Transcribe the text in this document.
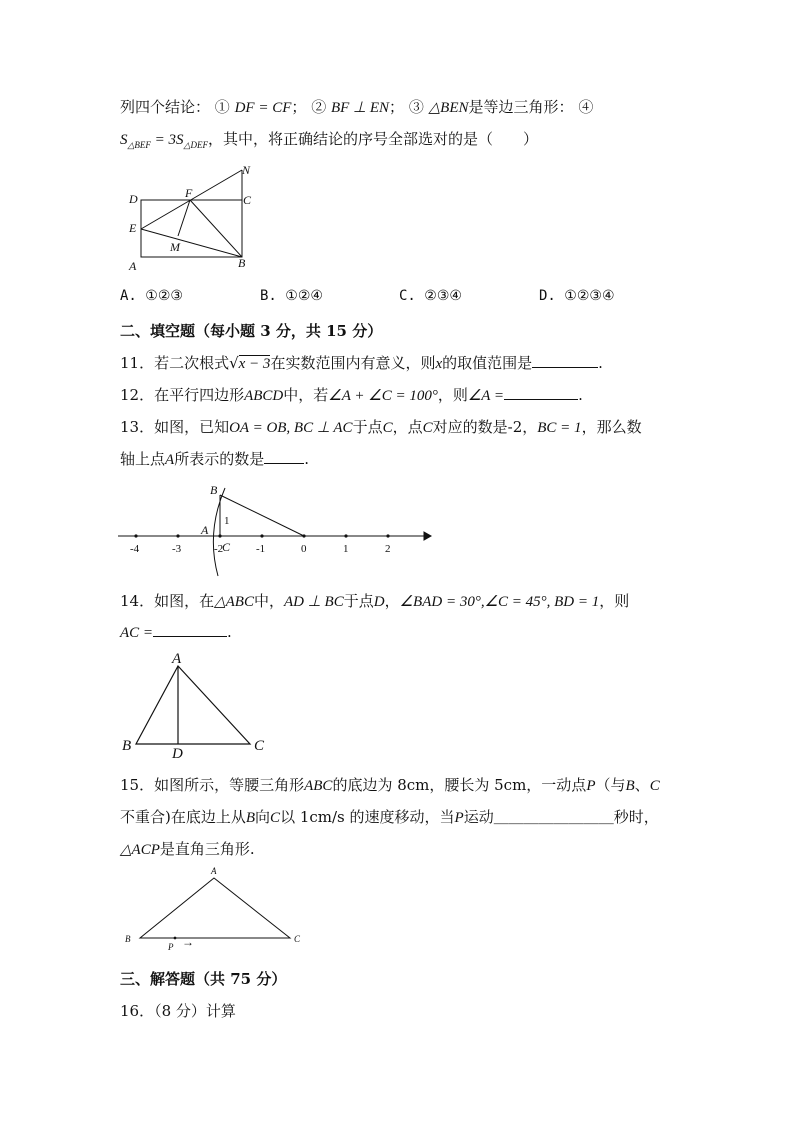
列四个结论： ① DF = CF； ② BF ⊥ EN； ③ △BEN是等边三角形： ④
$S_{\triangle BEF} = 3S_{\triangle DEF}$，其中，将正确结论的序号全部选对的是（　　）
D	F
N
C
E
M
A	B
A. ①②③	B. ①②④	C. ②③④	D. ①②③④
二、填空题（每小题 3 分，共 15 分）
11．若二次根式√x − 3在实数范围内有意义，则x的取值范围是	.
12．在平行四边形ABCD中，若∠A + ∠C = 100°，则∠A =	.
13．如图，已知OA = OB, BC ⊥ AC于点C，点C对应的数是-2，BC = 1，那么数
轴上点A所表示的数是	.
-4	-3	-2	-1	0	1	2
B
A
C
1
14．如图，在△ABC中，AD ⊥ BC于点D，∠BAD = 30°,∠C = 45°, BD = 1，则
AC =	.
A
B	D	C
15．如图所示，等腰三角形ABC的底边为 8cm，腰长为 5cm，一动点P（与B、C
不重合)在底边上从B向C以 1cm/s 的速度移动，当P运动＿＿＿＿＿＿＿＿秒时，
△ACP是直角三角形.
A
B	C
P →
三、解答题（共 75 分）
16．（8 分）计算
